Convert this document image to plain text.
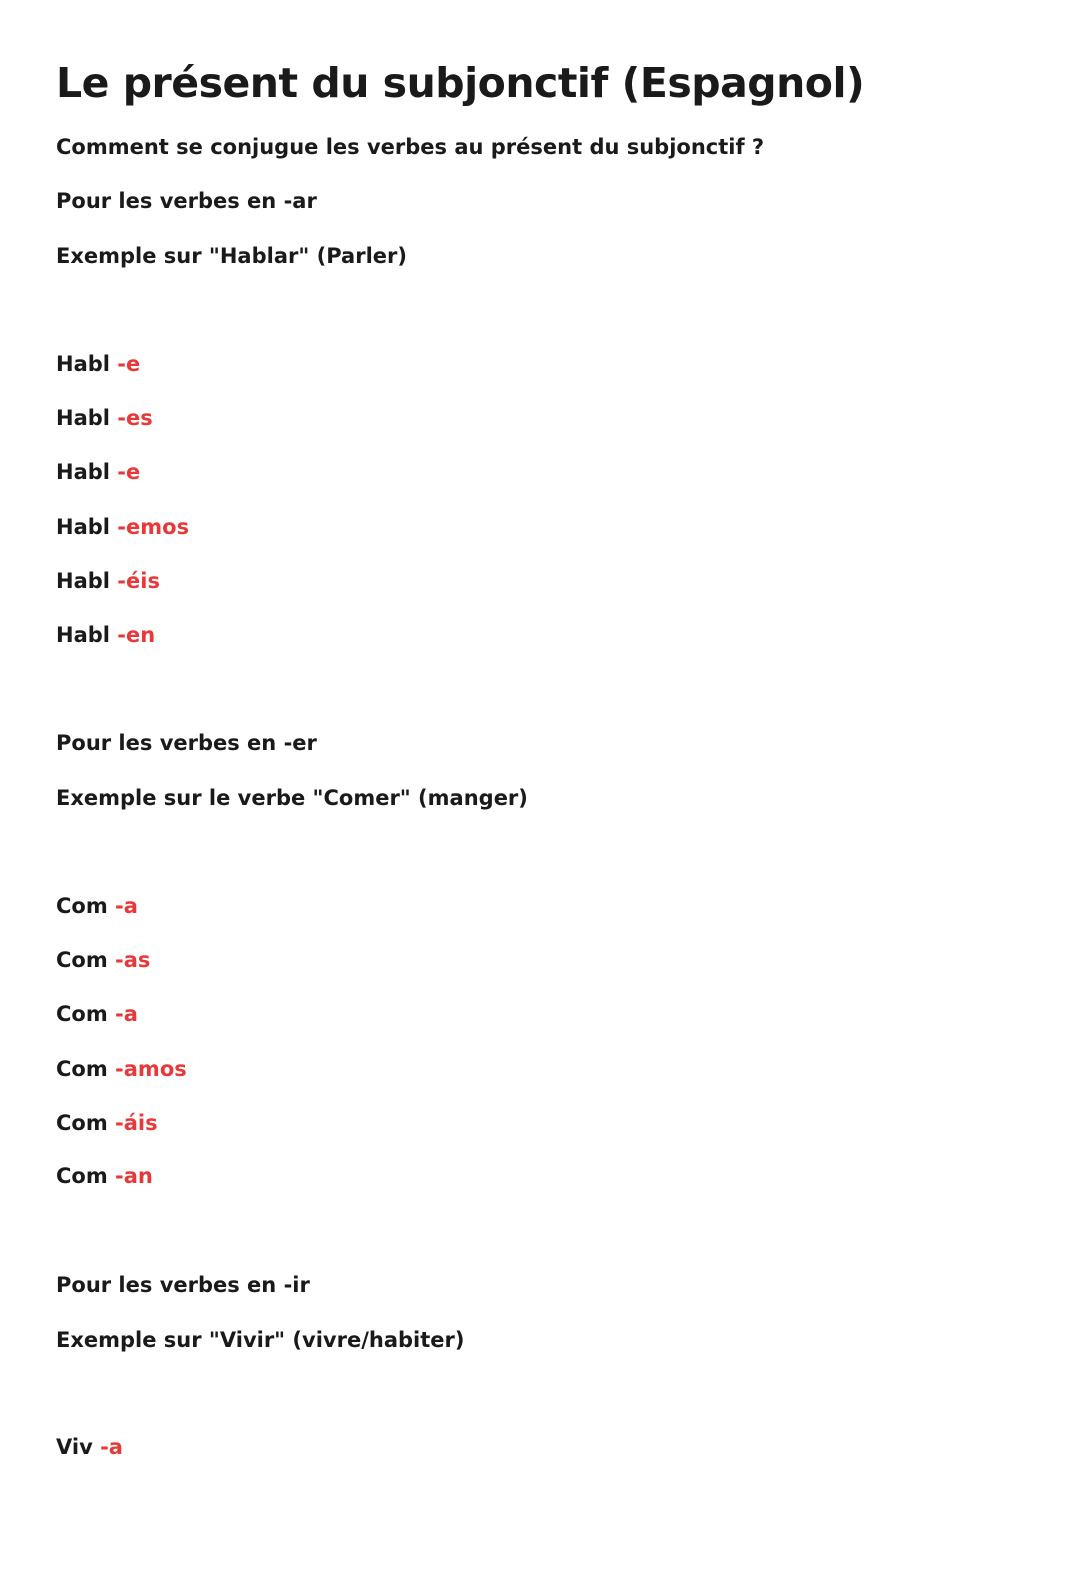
Le présent du subjonctif (Espagnol)

Comment se conjugue les verbes au présent du subjonctif ?

Pour les verbes en -ar

Exemple sur "Hablar" (Parler)

Habl -e

Habl -es

Habl -e

Habl -emos

Habl -éis

Habl -en

Pour les verbes en -er

Exemple sur le verbe "Comer" (manger)

Com -a

Com -as

Com -a

Com -amos

Com -áis

Com -an

Pour les verbes en -ir

Exemple sur "Vivir" (vivre/habiter)

Viv -a
